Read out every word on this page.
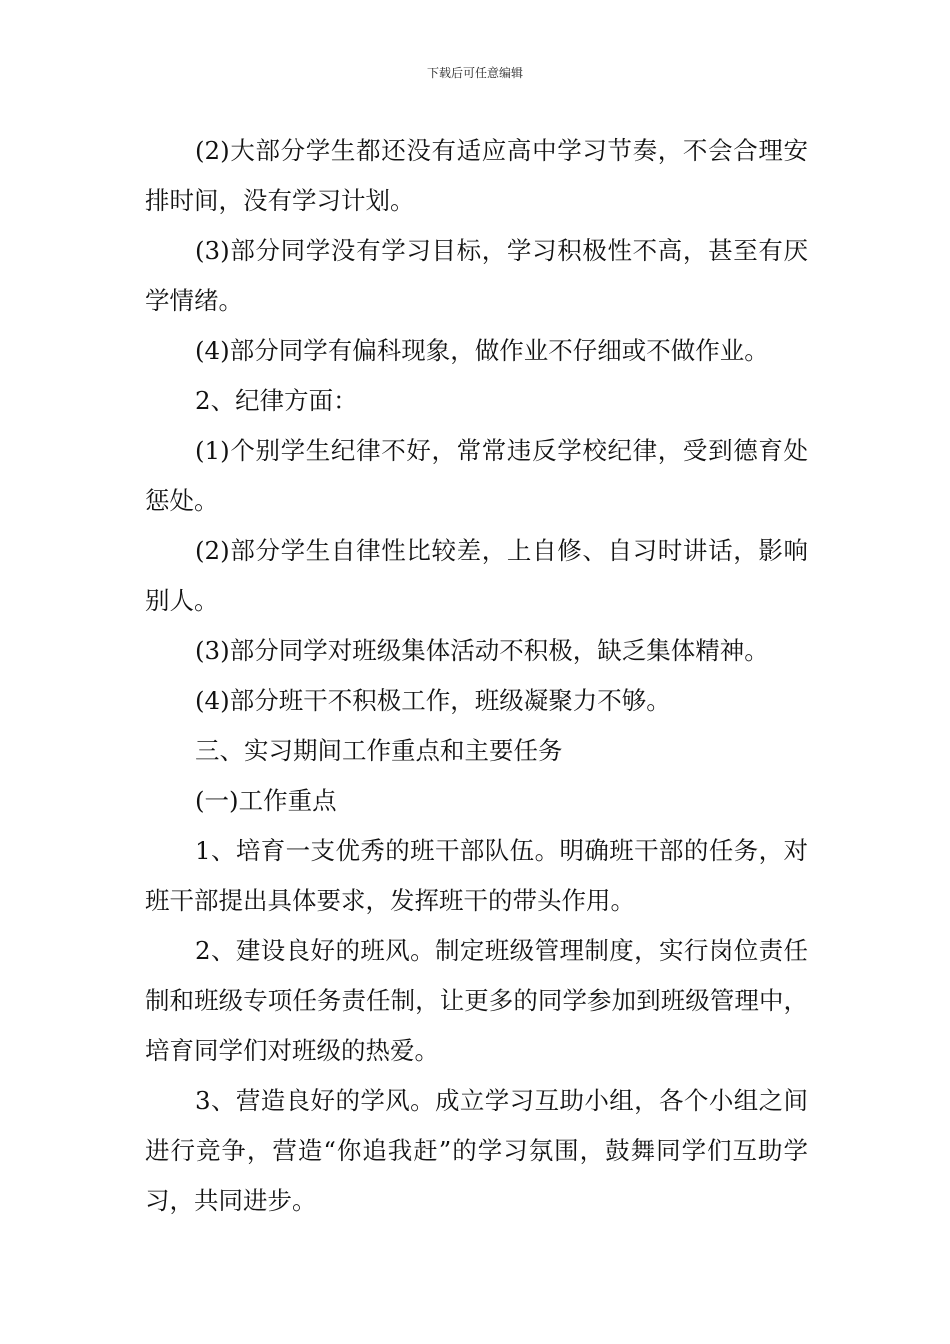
下载后可任意编辑

(2)大部分学生都还没有适应高中学习节奏，不会合理安排时间，没有学习计划。

(3)部分同学没有学习目标，学习积极性不高，甚至有厌学情绪。

(4)部分同学有偏科现象，做作业不仔细或不做作业。

2、纪律方面：

(1)个别学生纪律不好，常常违反学校纪律，受到德育处惩处。

(2)部分学生自律性比较差，上自修、自习时讲话，影响别人。

(3)部分同学对班级集体活动不积极，缺乏集体精神。

(4)部分班干不积极工作，班级凝聚力不够。

三、实习期间工作重点和主要任务

(一)工作重点

1、培育一支优秀的班干部队伍。明确班干部的任务，对班干部提出具体要求，发挥班干的带头作用。

2、建设良好的班风。制定班级管理制度，实行岗位责任制和班级专项任务责任制，让更多的同学参加到班级管理中，培育同学们对班级的热爱。

3、营造良好的学风。成立学习互助小组，各个小组之间进行竞争，营造“你追我赶”的学习氛围，鼓舞同学们互助学习，共同进步。
